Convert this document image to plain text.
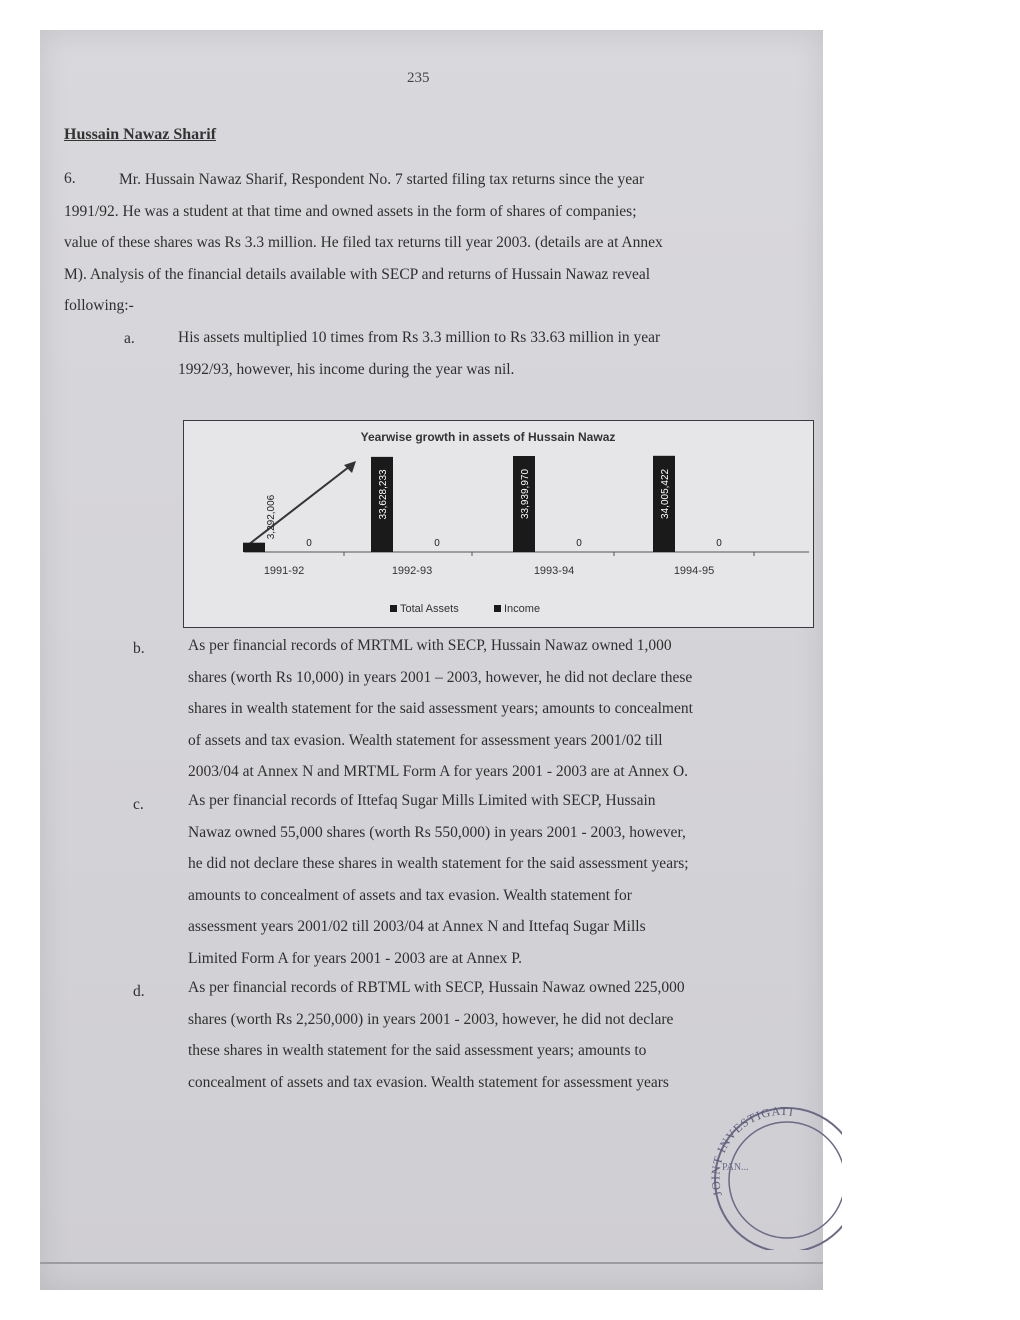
235
Hussain Nawaz Sharif
6.	Mr. Hussain Nawaz Sharif, Respondent No. 7 started filing tax returns since the year
1991/92. He was a student at that time and owned assets in the form of shares of companies;
value of these shares was Rs 3.3 million. He filed tax returns till year 2003. (details are at Annex
M). Analysis of the financial details available with SECP and returns of Hussain Nawaz reveal
following:-
a.	His assets multiplied 10 times from Rs 3.3 million to Rs 33.63 million in year
1992/93, however, his income during the year was nil.
Yearwise growth in assets of Hussain Nawaz
3,292,006
0
1991-92
33,628,233
0
1992-93
33,939,970
0
1993-94
34,005,422
0
1994-95
Total Assets	Income
b.	As per financial records of MRTML with SECP, Hussain Nawaz owned 1,000
shares (worth Rs 10,000) in years 2001 – 2003, however, he did not declare these
shares in wealth statement for the said assessment years; amounts to concealment
of assets and tax evasion. Wealth statement for assessment years 2001/02 till
2003/04 at Annex N and MRTML Form A for years 2001 - 2003 are at Annex O.
c.	As per financial records of Ittefaq Sugar Mills Limited with SECP, Hussain
Nawaz owned 55,000 shares (worth Rs 550,000) in years 2001 - 2003, however,
he did not declare these shares in wealth statement for the said assessment years;
amounts to concealment of assets and tax evasion. Wealth statement for
assessment years 2001/02 till 2003/04 at Annex N and Ittefaq Sugar Mills
Limited Form A for years 2001 - 2003 are at Annex P.
d.	As per financial records of RBTML with SECP, Hussain Nawaz owned 225,000
shares (worth Rs 2,250,000) in years 2001 - 2003, however, he did not declare
these shares in wealth statement for the said assessment years; amounts to
concealment of assets and tax evasion. Wealth statement for assessment years
JOINT INVESTIGATI
PAN...
